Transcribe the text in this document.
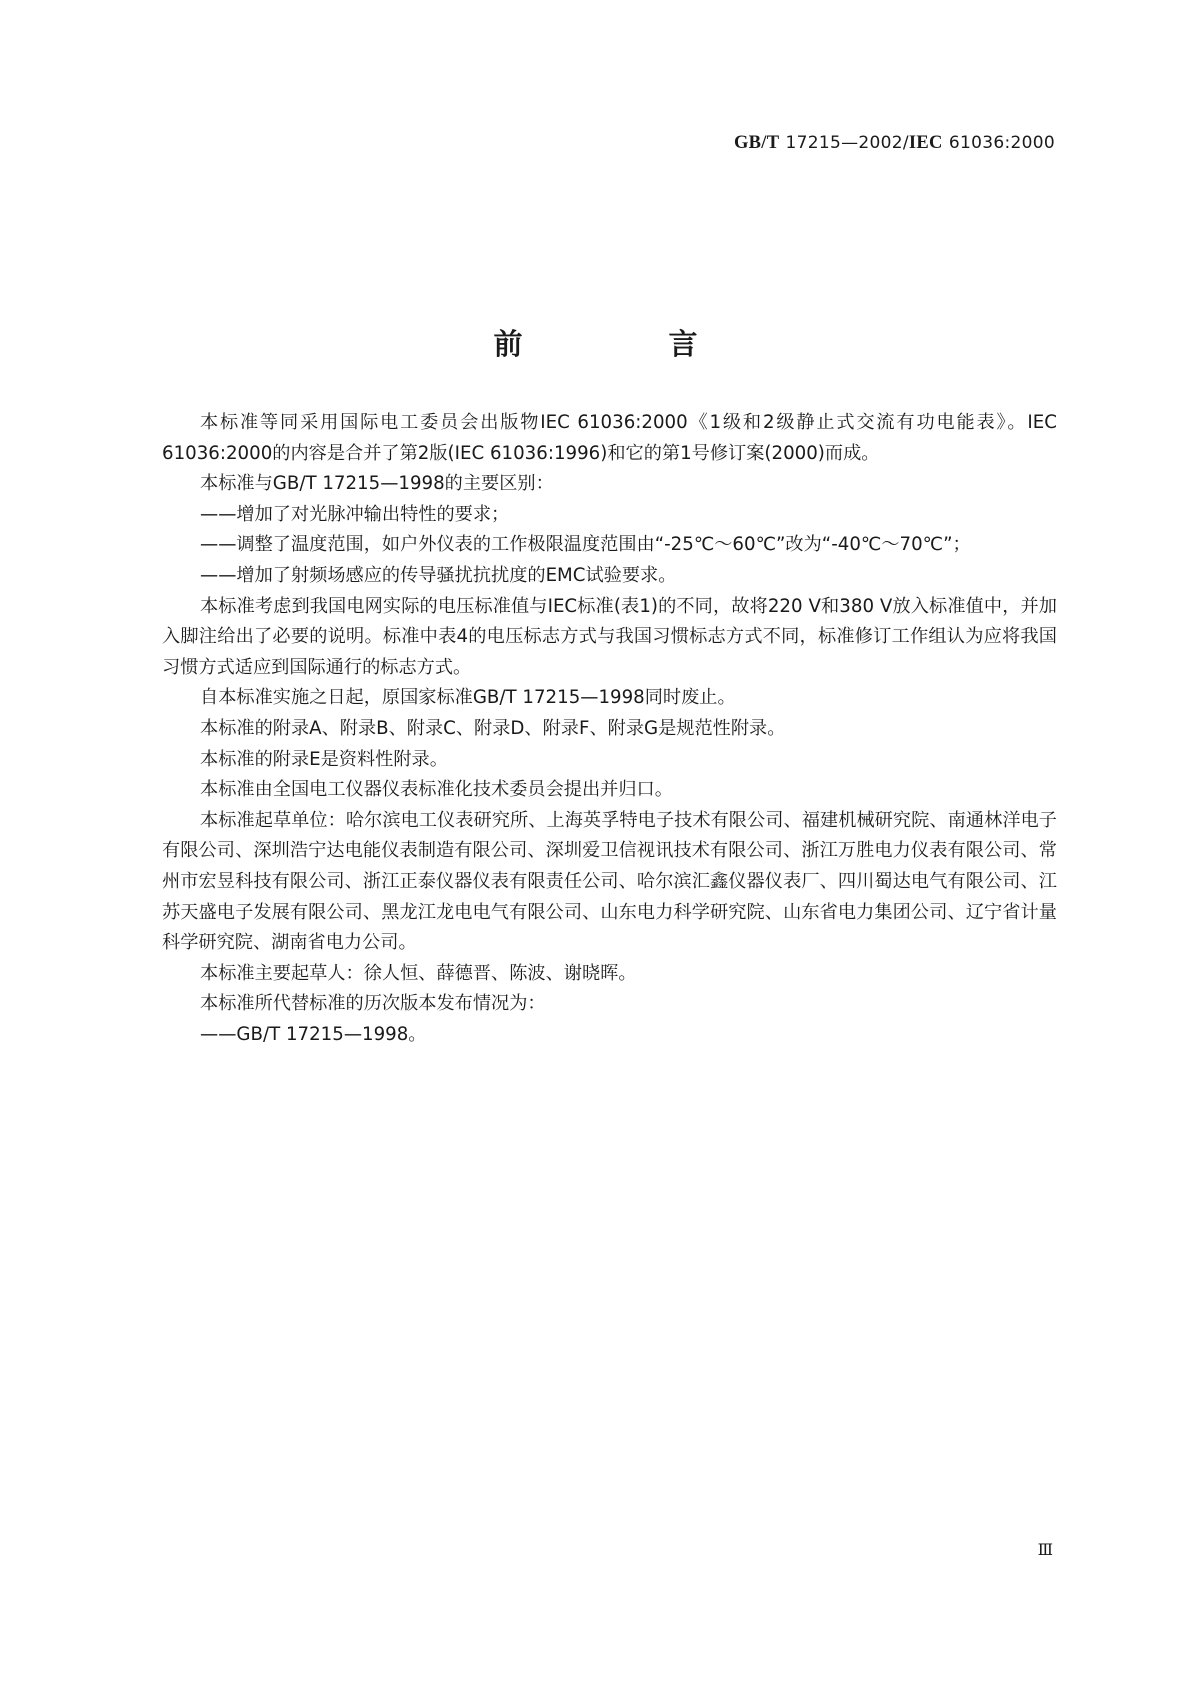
GB/T 17215—2002/IEC 61036:2000
前 言

本标准等同采用国际电工委员会出版物IEC 61036:2000《1级和2级静止式交流有功电能表》。IEC 61036:2000的内容是合并了第2版(IEC 61036:1996)和它的第1号修订案(2000)而成。

本标准与GB/T 17215—1998的主要区别：

——增加了对光脉冲输出特性的要求；

——调整了温度范围，如户外仪表的工作极限温度范围由“-25℃～60℃”改为“-40℃～70℃”；

——增加了射频场感应的传导骚扰抗扰度的EMC试验要求。

本标准考虑到我国电网实际的电压标准值与IEC标准(表1)的不同，故将220 V和380 V放入标准值中，并加入脚注给出了必要的说明。标准中表4的电压标志方式与我国习惯标志方式不同，标准修订工作组认为应将我国习惯方式适应到国际通行的标志方式。

自本标准实施之日起，原国家标准GB/T 17215—1998同时废止。

本标准的附录A、附录B、附录C、附录D、附录F、附录G是规范性附录。

本标准的附录E是资料性附录。

本标准由全国电工仪器仪表标准化技术委员会提出并归口。

本标准起草单位：哈尔滨电工仪表研究所、上海英孚特电子技术有限公司、福建机械研究院、南通林洋电子有限公司、深圳浩宁达电能仪表制造有限公司、深圳爱卫信视讯技术有限公司、浙江万胜电力仪表有限公司、常州市宏昱科技有限公司、浙江正泰仪器仪表有限责任公司、哈尔滨汇鑫仪器仪表厂、四川蜀达电气有限公司、江苏天盛电子发展有限公司、黑龙江龙电电气有限公司、山东电力科学研究院、山东省电力集团公司、辽宁省计量科学研究院、湖南省电力公司。

本标准主要起草人：徐人恒、薛德晋、陈波、谢晓晖。

本标准所代替标准的历次版本发布情况为：

——GB/T 17215—1998。

Ⅲ
